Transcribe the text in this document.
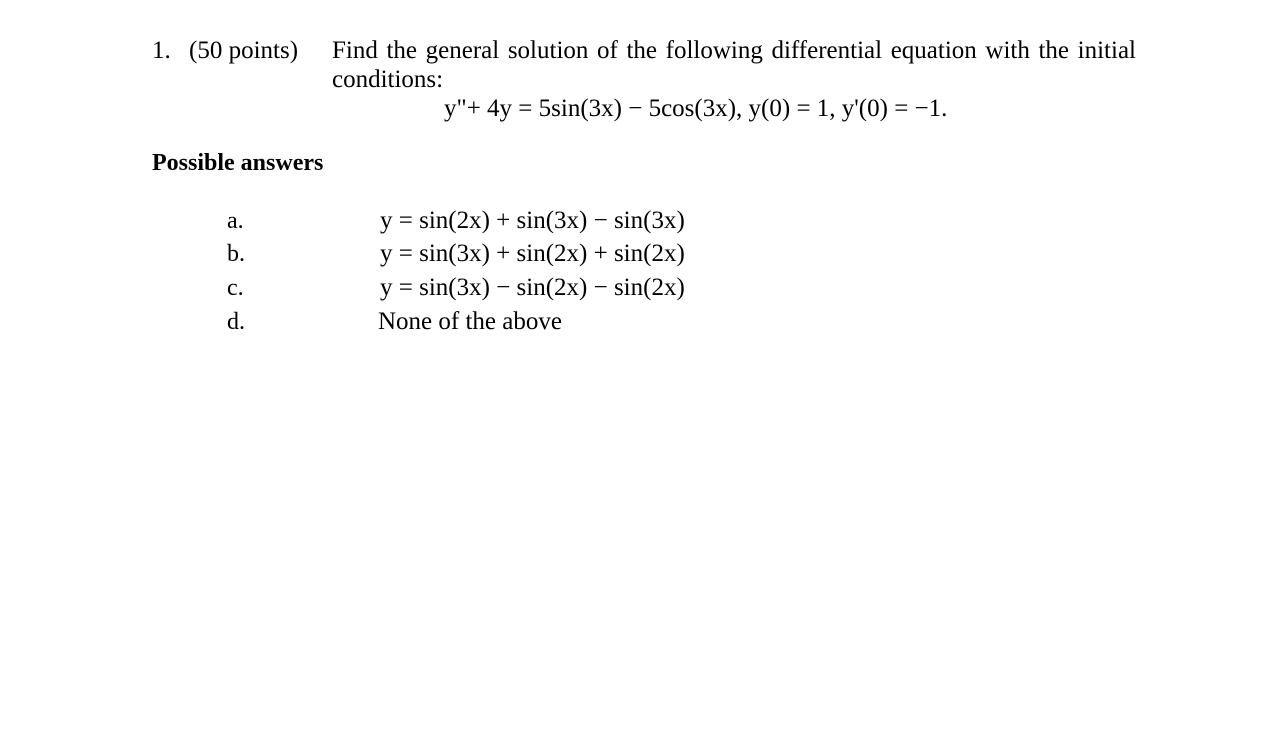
1. (50 points) Find the general solution of the following differential equation with the initial conditions:
y"+ 4y = 5sin(3x) − 5cos(3x), y(0) = 1, y'(0) = −1.
Possible answers
a.	y = sin(2x) + sin(3x) − sin(3x)
b.	y = sin(3x) + sin(2x) + sin(2x)
c.	y = sin(3x) − sin(2x) − sin(2x)
d.	None of the above
